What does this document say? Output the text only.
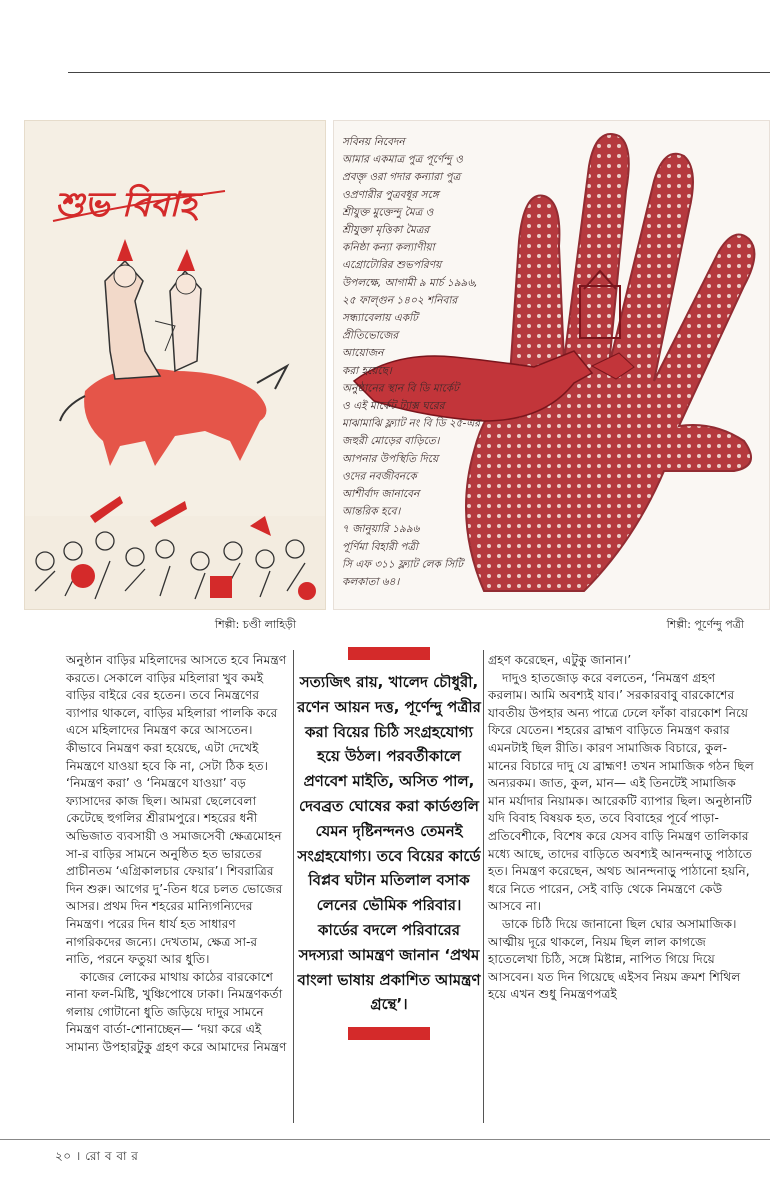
শুভ বিবাহ
শিল্পী: চণ্ডী লাহিড়ী
সবিনয় নিবেদন
আমার একমাত্র পুত্র পূর্ণেন্দু ও
প্রবক্তৃ ওরা গদার কন্যারা পুত্র
ওপ্রণারীর পুত্রবধূর সঙ্গে
শ্রীযুক্ত মুক্তেন্দু মৈত্র ও
শ্রীযুক্তা মৃত্তিকা মৈত্রর
কনিষ্ঠা কন্যা কল্যাণীয়া
এগ্রোটোরির শুভপরিণয়
উপলক্ষে, আগামী ৯ মার্চ ১৯৯৬,
২৫ ফাল্গুন ১৪০২ শনিবার
সন্ধ্যাবেলায় একটি
প্রীতিভোজের
আয়োজন
করা হয়েছে।
অনুষ্ঠানের স্থান বি ডি মার্কেট
ও এই মার্কেট ট্যাক্স ঘরের
মাঝামাঝি ফ্ল্যাট নং বি ডি ২৫-এর
জহুরী মোড়ের বাড়িতে।
আপনার উপস্থিতি দিয়ে
ওদের নবজীবনকে
আশীর্বাদ জানাবেন
আন্তরিক হবে।
৭ জানুয়ারি ১৯৯৬
পূর্ণিমা বিহারী পত্রী
সি এফ ৩১১ ফ্ল্যাট লেক সিটি
কলকাতা ৬৪।
শিল্পী: পূর্ণেন্দু পত্রী

অনুষ্ঠান বাড়ির মহিলাদের আসতে হবে নিমন্ত্রণ করতে। সেকালে বাড়ির মহিলারা খুব কমই বাড়ির বাইরে বের হতেন। তবে নিমন্ত্রণের ব্যাপার থাকলে, বাড়ির মহিলারা পালকি করে এসে মহিলাদের নিমন্ত্রণ করে আসতেন। কীভাবে নিমন্ত্রণ করা হয়েছে, এটা দেখেই নিমন্ত্রণে যাওয়া হবে কি না, সেটা ঠিক হত। ‘নিমন্ত্রণ করা’ ও ‘নিমন্ত্রণে যাওয়া’ বড় ফ্যাসাদের কাজ ছিল। আমরা ছেলেবেলা কেটেছে হুগলির শ্রীরামপুরে। শহরের ধনী অভিজাত ব্যবসায়ী ও সমাজসেবী ক্ষেত্রমোহন সা-র বাড়ির সামনে অনুষ্ঠিত হত ভারতের প্রাচীনতম ‘এগ্রিকালচার ফেয়ার’। শিবরাত্রির দিন শুরু। আগের দু’-তিন ধরে চলত ভোজের আসর। প্রথম দিন শহরের মান্যিগন্যিদের নিমন্ত্রণ। পরের দিন ধার্য হত সাধারণ নাগরিকদের জন্যে। দেখতাম, ক্ষেত্র সা-র নাতি, পরনে ফতুয়া আর ধুতি।

কাজের লোকের মাথায় কাঠের বারকোশে নানা ফল-মিষ্টি, খুঞ্চিপোষে ঢাকা। নিমন্ত্রণকর্তা গলায় গোটানো ধুতি জড়িয়ে দাদুর সামনে নিমন্ত্রণ বার্তা-শোনাচ্ছেন— ‘দয়া করে এই সামান্য উপহারটুকু গ্রহণ করে আমাদের নিমন্ত্রণ

সত্যজিৎ রায়, খালেদ চৌধুরী, রণেন আয়ন দত্ত, পূর্ণেন্দু পত্রীর করা বিয়ের চিঠি সংগ্রহযোগ্য হয়ে উঠল। পরবর্তীকালে প্রণবেশ মাইতি, অসিত পাল, দেবব্রত ঘোষের করা কার্ডগুলি যেমন দৃষ্টিনন্দনও তেমনই সংগ্রহযোগ্য। তবে বিয়ের কার্ডে বিপ্লব ঘটান মতিলাল বসাক লেনের ভৌমিক পরিবার। কার্ডের বদলে পরিবারের সদস্যরা আমন্ত্রণ জানান ‘প্রথম বাংলা ভাষায় প্রকাশিত আমন্ত্রণ গ্রন্থে’।

গ্রহণ করেছেন, এটুকু জানান।’

দাদুও হাতজোড় করে বলতেন, ‘নিমন্ত্রণ গ্রহণ করলাম। আমি অবশ্যই যাব।’ সরকারবাবু বারকোশের যাবতীয় উপহার অন্য পাত্রে ঢেলে ফাঁকা বারকোশ নিয়ে ফিরে যেতেন। শহরের ব্রাহ্মণ বাড়িতে নিমন্ত্রণ করার এমনটাই ছিল রীতি। কারণ সামাজিক বিচারে, কুল-মানের বিচারে দাদু যে ব্রাহ্মণ! তখন সামাজিক গঠন ছিল অন্যরকম। জাত, কুল, মান— এই তিনটেই সামাজিক মান মর্যাদার নিয়ামক। আরেকটি ব্যাপার ছিল। অনুষ্ঠানটি যদি বিবাহ বিষয়ক হত, তবে বিবাহের পূর্বে পাড়া-প্রতিবেশীকে, বিশেষ করে যেসব বাড়ি নিমন্ত্রণ তালিকার মধ্যে আছে, তাদের বাড়িতে অবশ্যই আনন্দনাড়ু পাঠাতে হত। নিমন্ত্রণ করেছেন, অথচ আনন্দনাড়ু পাঠানো হয়নি, ধরে নিতে পারেন, সেই বাড়ি থেকে নিমন্ত্রণে কেউ আসবে না।

ডাকে চিঠি দিয়ে জানানো ছিল ঘোর অসামাজিক। আত্মীয় দূরে থাকলে, নিয়ম ছিল লাল কাগজে হাতেলেখা চিঠি, সঙ্গে মিষ্টান্ন, নাপিত গিয়ে দিয়ে আসবেন। যত দিন গিয়েছে এইসব নিয়ম ক্রমশ শিথিল হয়ে এখন শুধু নিমন্ত্রণপত্রই

২০ । রো ব বা র
